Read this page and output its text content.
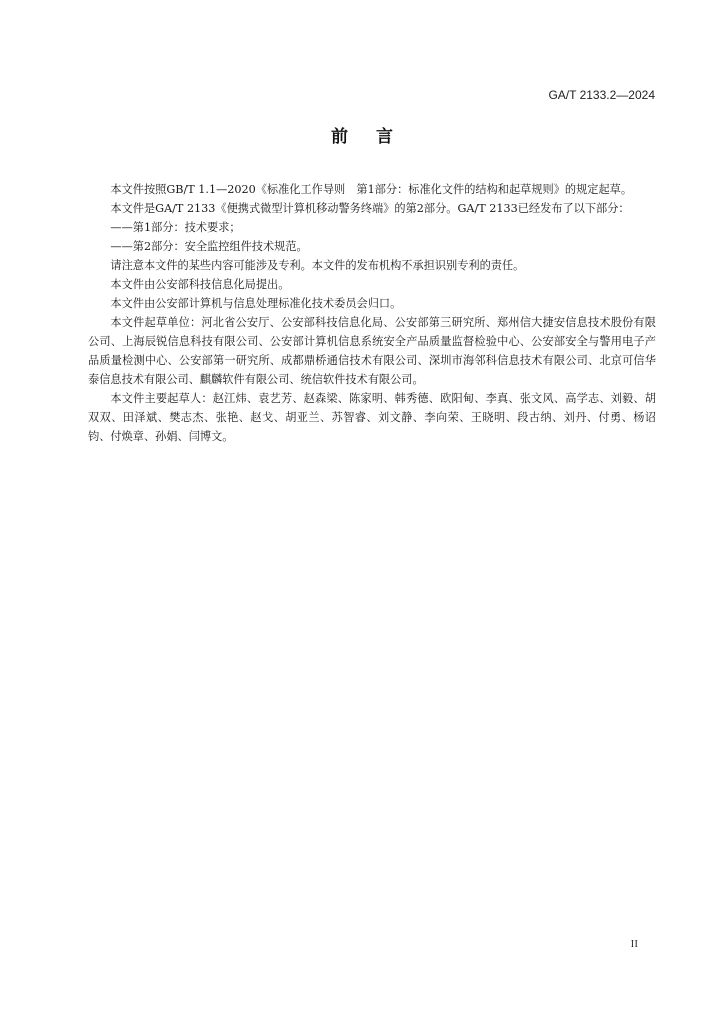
GA/T 2133.2—2024
前言

本文件按照GB/T 1.1—2020《标准化工作导则　第1部分：标准化文件的结构和起草规则》的规定起草。

本文件是GA/T 2133《便携式微型计算机移动警务终端》的第2部分。GA/T 2133已经发布了以下部分：

——第1部分：技术要求；

——第2部分：安全监控组件技术规范。

请注意本文件的某些内容可能涉及专利。本文件的发布机构不承担识别专利的责任。

本文件由公安部科技信息化局提出。

本文件由公安部计算机与信息处理标准化技术委员会归口。

本文件起草单位：河北省公安厅、公安部科技信息化局、公安部第三研究所、郑州信大捷安信息技术股份有限公司、上海辰锐信息科技有限公司、公安部计算机信息系统安全产品质量监督检验中心、公安部安全与警用电子产品质量检测中心、公安部第一研究所、成都鼎桥通信技术有限公司、深圳市海邻科信息技术有限公司、北京可信华泰信息技术有限公司、麒麟软件有限公司、统信软件技术有限公司。

本文件主要起草人：赵江炜、袁艺芳、赵森梁、陈家明、韩秀德、欧阳甸、李真、张文风、高学志、刘毅、胡双双、田泽斌、樊志杰、张艳、赵戈、胡亚兰、苏智睿、刘文静、李向荣、王晓明、段古纳、刘丹、付勇、杨诏钧、付焕章、孙娟、闫博文。

II
